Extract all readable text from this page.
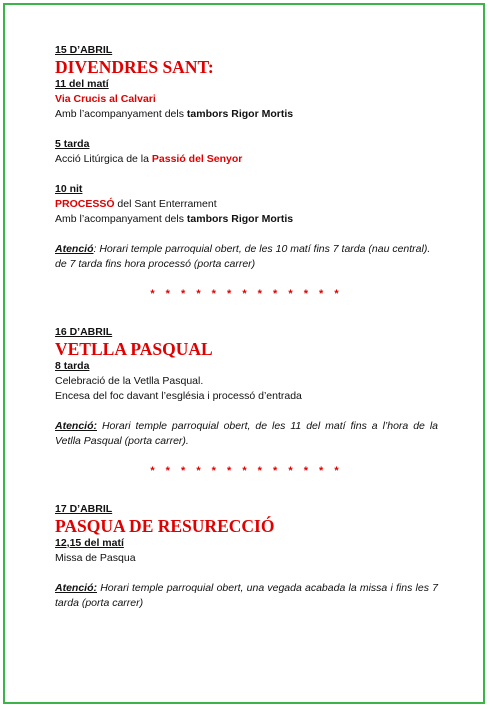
15 D’ABRIL
DIVENDRES SANT:
11 del matí
Via Crucis al Calvari
Amb l’acompanyament dels tambors Rigor Mortis
5 tarda
Acció Litúrgica de la Passió del Senyor
10 nit
PROCESSÓ del Sant Enterrament
Amb l’acompanyament dels tambors Rigor Mortis
Atenció: Horari temple parroquial obert, de les 10 matí fins 7 tarda (nau central).
de 7 tarda fins hora processó (porta carrer)
* * * * * * * * * * * * *
16 D’ABRIL
VETLLA PASQUAL
8 tarda
Celebració de la Vetlla Pasqual.
Encesa del foc davant l’església i processó d’entrada
Atenció: Horari temple parroquial obert, de les 11 del matí fins a l’hora de la Vetlla Pasqual (porta carrer).
* * * * * * * * * * * * *
17 D’ABRIL
PASQUA DE RESURECCIÓ
12,15 del matí
Missa de Pasqua
Atenció: Horari temple parroquial obert, una vegada acabada la missa i fins les 7 tarda (porta carrer)
